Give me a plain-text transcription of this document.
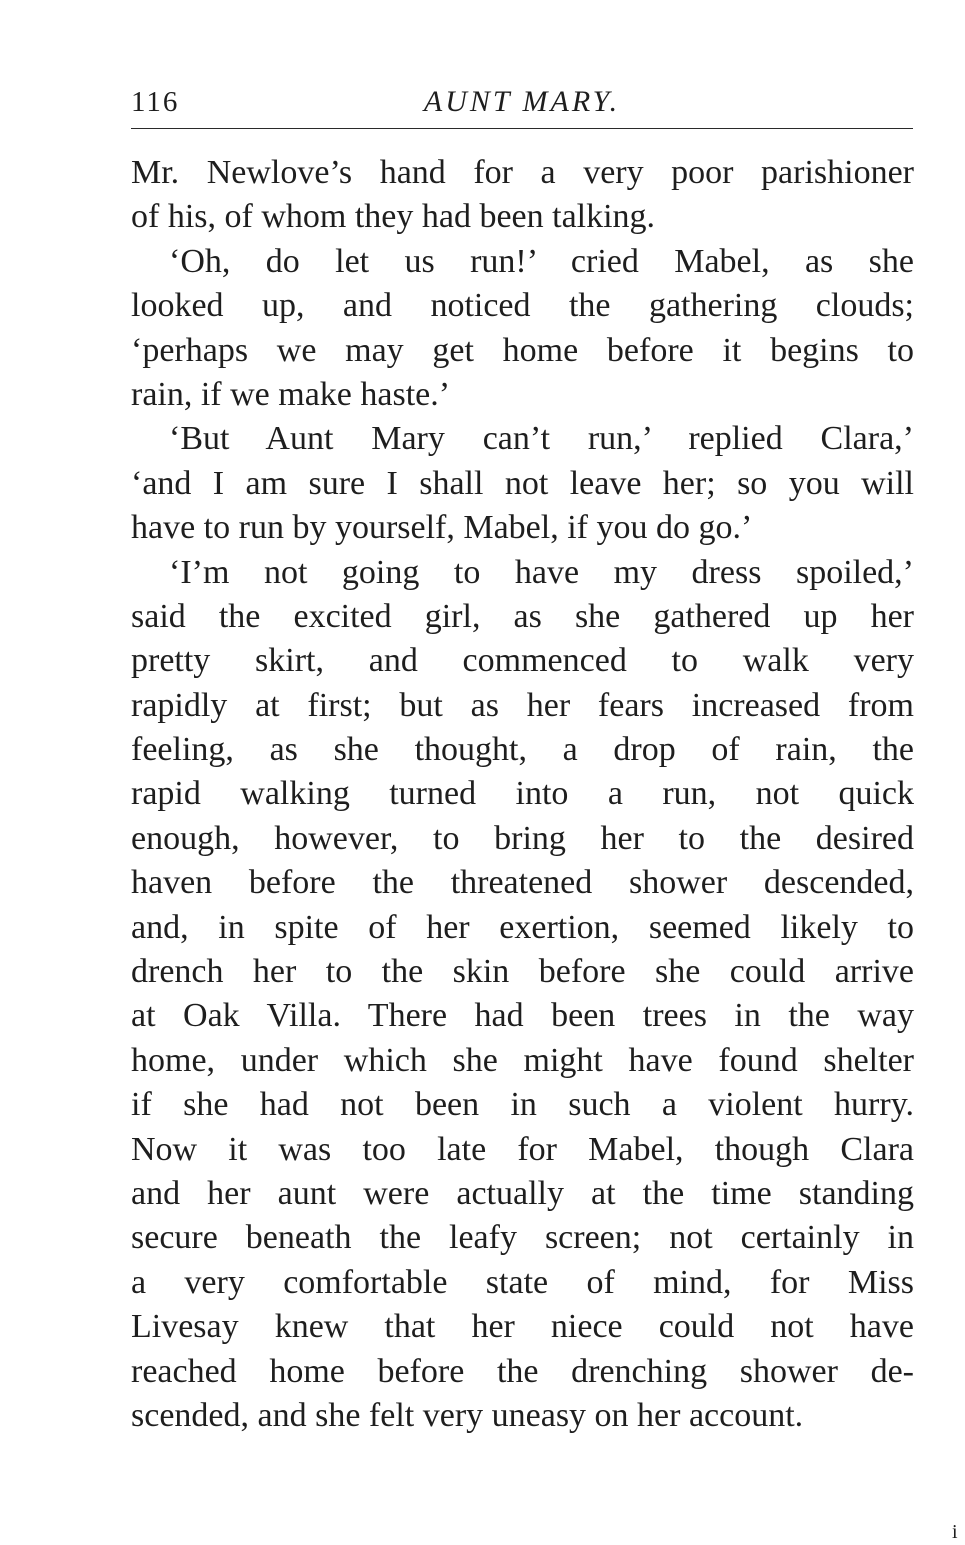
116	AUNT MARY.
Mr. Newlove’s hand for a very poor parishioner
of his, of whom they had been talking.
‘Oh, do let us run!’ cried Mabel, as she
looked up, and noticed the gathering clouds;
‘perhaps we may get home before it begins to
rain, if we make haste.’
‘But Aunt Mary can’t run,’ replied Clara,’
‘and I am sure I shall not leave her; so you will
have to run by yourself, Mabel, if you do go.’
‘I’m not going to have my dress spoiled,’
said the excited girl, as she gathered up her
pretty skirt, and commenced to walk very
rapidly at first; but as her fears increased from
feeling, as she thought, a drop of rain, the
rapid walking turned into a run, not quick
enough, however, to bring her to the desired
haven before the threatened shower descended,
and, in spite of her exertion, seemed likely to
drench her to the skin before she could arrive
at Oak Villa. There had been trees in the way
home, under which she might have found shelter
if she had not been in such a violent hurry.
Now it was too late for Mabel, though Clara
and her aunt were actually at the time standing
secure beneath the leafy screen; not certainly in
a very comfortable state of mind, for Miss
Livesay knew that her niece could not have
reached home before the drenching shower de-
scended, and she felt very uneasy on her account.
i
